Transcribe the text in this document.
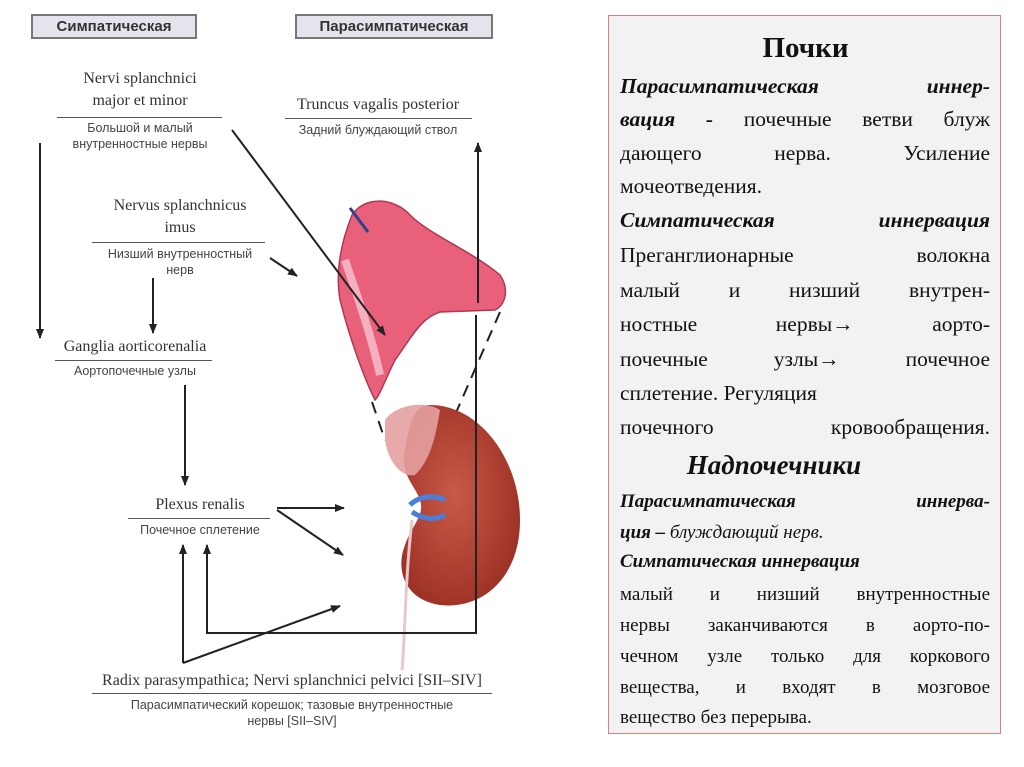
Симпатическая	Парасимпатическая
Nervi splanchnici
major et minor
Большой и малый
внутренностные нервы
Truncus vagalis posterior
Задний блуждающий ствол
Nervus splanchnicus
imus
Низший внутренностный
нерв
Ganglia aorticorenalia
Аортопочечные узлы
Plexus renalis
Почечное сплетение
Radix parasympathica; Nervi splanchnici pelvici [SII–SIV]
Парасимпатический корешок; тазовые внутренностные
нервы [SII–SIV]
Почки
Парасимпатическая иннер-
вация - почечные ветви блуж
дающего нерва. Усиление
мочеотведения.
Симпатическая иннервация
Преганглионарные волокна
малый и низший внутрен-
ностные нервы→ аорто-
почечные узлы→ почечное
сплетение. Регуляция
почечного кровообращения.
Надпочечники
Парасимпатическая иннерва-
ция – блуждающий нерв.
Симпатическая иннервация
малый и низший внутренностные
нервы заканчиваются в аорто-по-
чечном узле только для коркового
вещества, и входят в мозговое
вещество без перерыва.
